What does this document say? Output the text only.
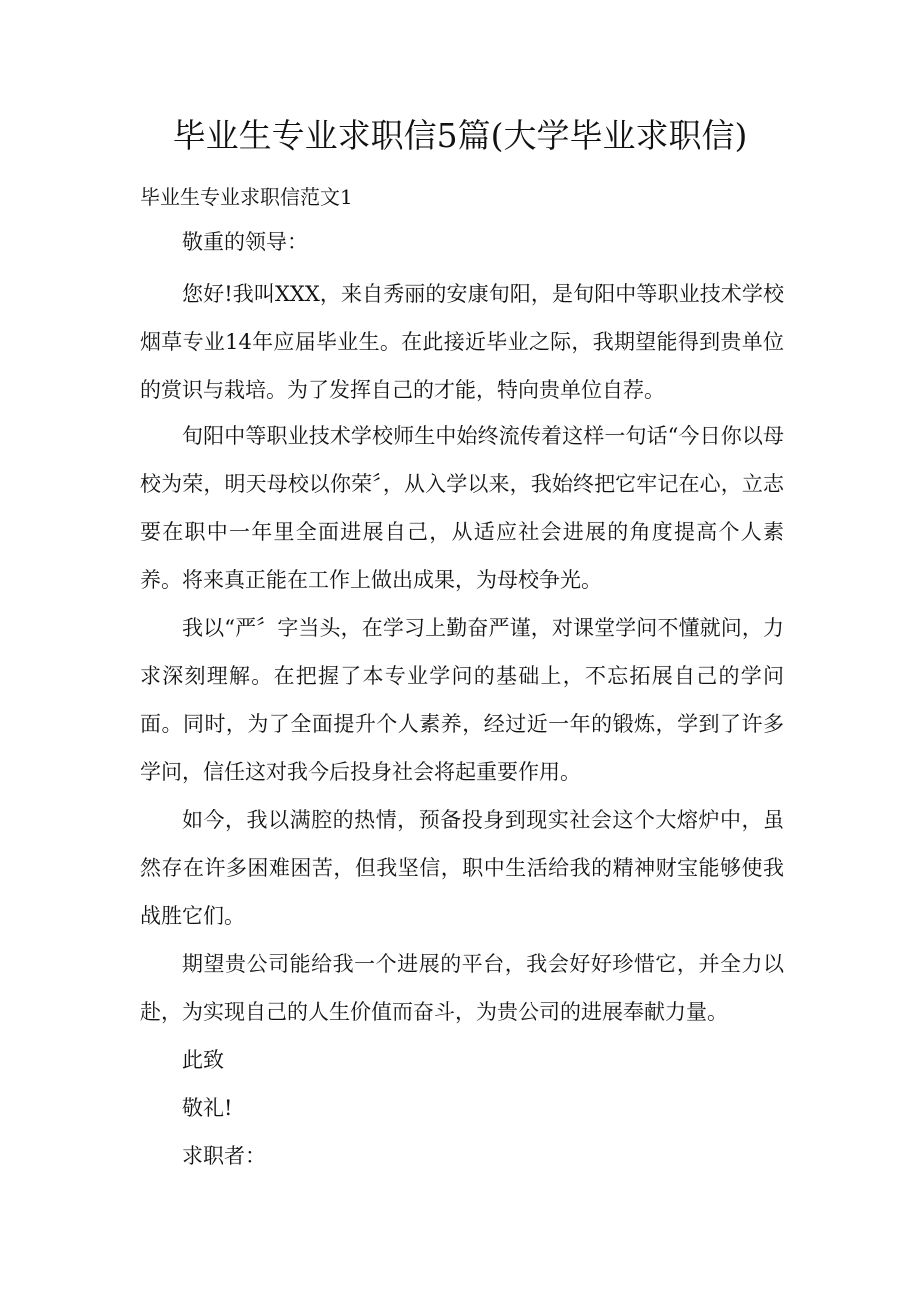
毕业生专业求职信5篇(大学毕业求职信)
毕业生专业求职信范文1
敬重的领导：

您好!我叫XXX，来自秀丽的安康旬阳，是旬阳中等职业技术学校烟草专业14年应届毕业生。在此接近毕业之际，我期望能得到贵单位的赏识与栽培。为了发挥自己的才能，特向贵单位自荐。

旬阳中等职业技术学校师生中始终流传着这样一句话“今日你以母校为荣，明天母校以你荣〞，从入学以来，我始终把它牢记在心，立志要在职中一年里全面进展自己，从适应社会进展的角度提高个人素养。将来真正能在工作上做出成果，为母校争光。

我以“严〞字当头，在学习上勤奋严谨，对课堂学问不懂就问，力求深刻理解。在把握了本专业学问的基础上，不忘拓展自己的学问面。同时，为了全面提升个人素养，经过近一年的锻炼，学到了许多学问，信任这对我今后投身社会将起重要作用。

如今，我以满腔的热情，预备投身到现实社会这个大熔炉中，虽然存在许多困难困苦，但我坚信，职中生活给我的精神财宝能够使我战胜它们。

期望贵公司能给我一个进展的平台，我会好好珍惜它，并全力以赴，为实现自己的人生价值而奋斗，为贵公司的进展奉献力量。

此致
敬礼!
求职者：
